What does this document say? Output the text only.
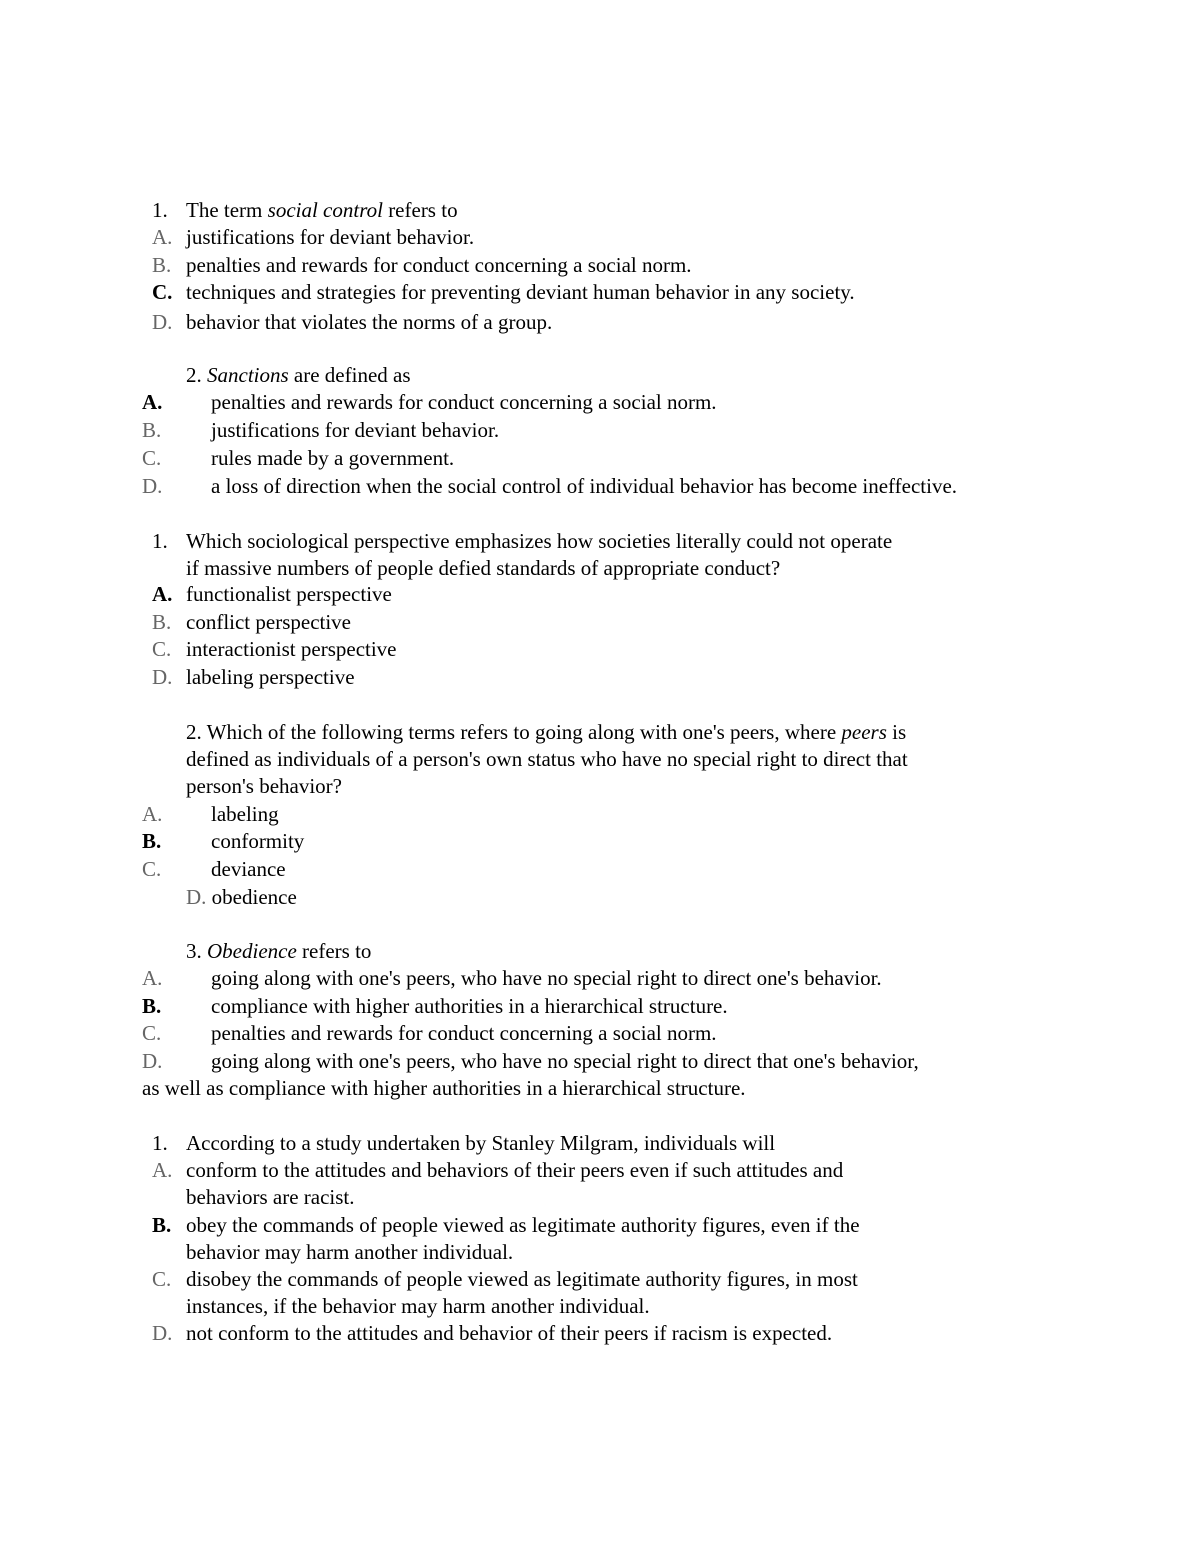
1. The term social control refers to
A. justifications for deviant behavior.
B. penalties and rewards for conduct concerning a social norm.
C. techniques and strategies for preventing deviant human behavior in any society.
D. behavior that violates the norms of a group.
2. Sanctions are defined as
A. penalties and rewards for conduct concerning a social norm.
B. justifications for deviant behavior.
C. rules made by a government.
D. a loss of direction when the social control of individual behavior has become ineffective.
1. Which sociological perspective emphasizes how societies literally could not operate
if massive numbers of people defied standards of appropriate conduct?
A. functionalist perspective
B. conflict perspective
C. interactionist perspective
D. labeling perspective
2. Which of the following terms refers to going along with one's peers, where peers is
defined as individuals of a person's own status who have no special right to direct that
person's behavior?
A. labeling
B. conformity
C. deviance
D. obedience
3. Obedience refers to
A. going along with one's peers, who have no special right to direct one's behavior.
B. compliance with higher authorities in a hierarchical structure.
C. penalties and rewards for conduct concerning a social norm.
D. going along with one's peers, who have no special right to direct that one's behavior,
as well as compliance with higher authorities in a hierarchical structure.
1. According to a study undertaken by Stanley Milgram, individuals will
A. conform to the attitudes and behaviors of their peers even if such attitudes and
behaviors are racist.
B. obey the commands of people viewed as legitimate authority figures, even if the
behavior may harm another individual.
C. disobey the commands of people viewed as legitimate authority figures, in most
instances, if the behavior may harm another individual.
D. not conform to the attitudes and behavior of their peers if racism is expected.
